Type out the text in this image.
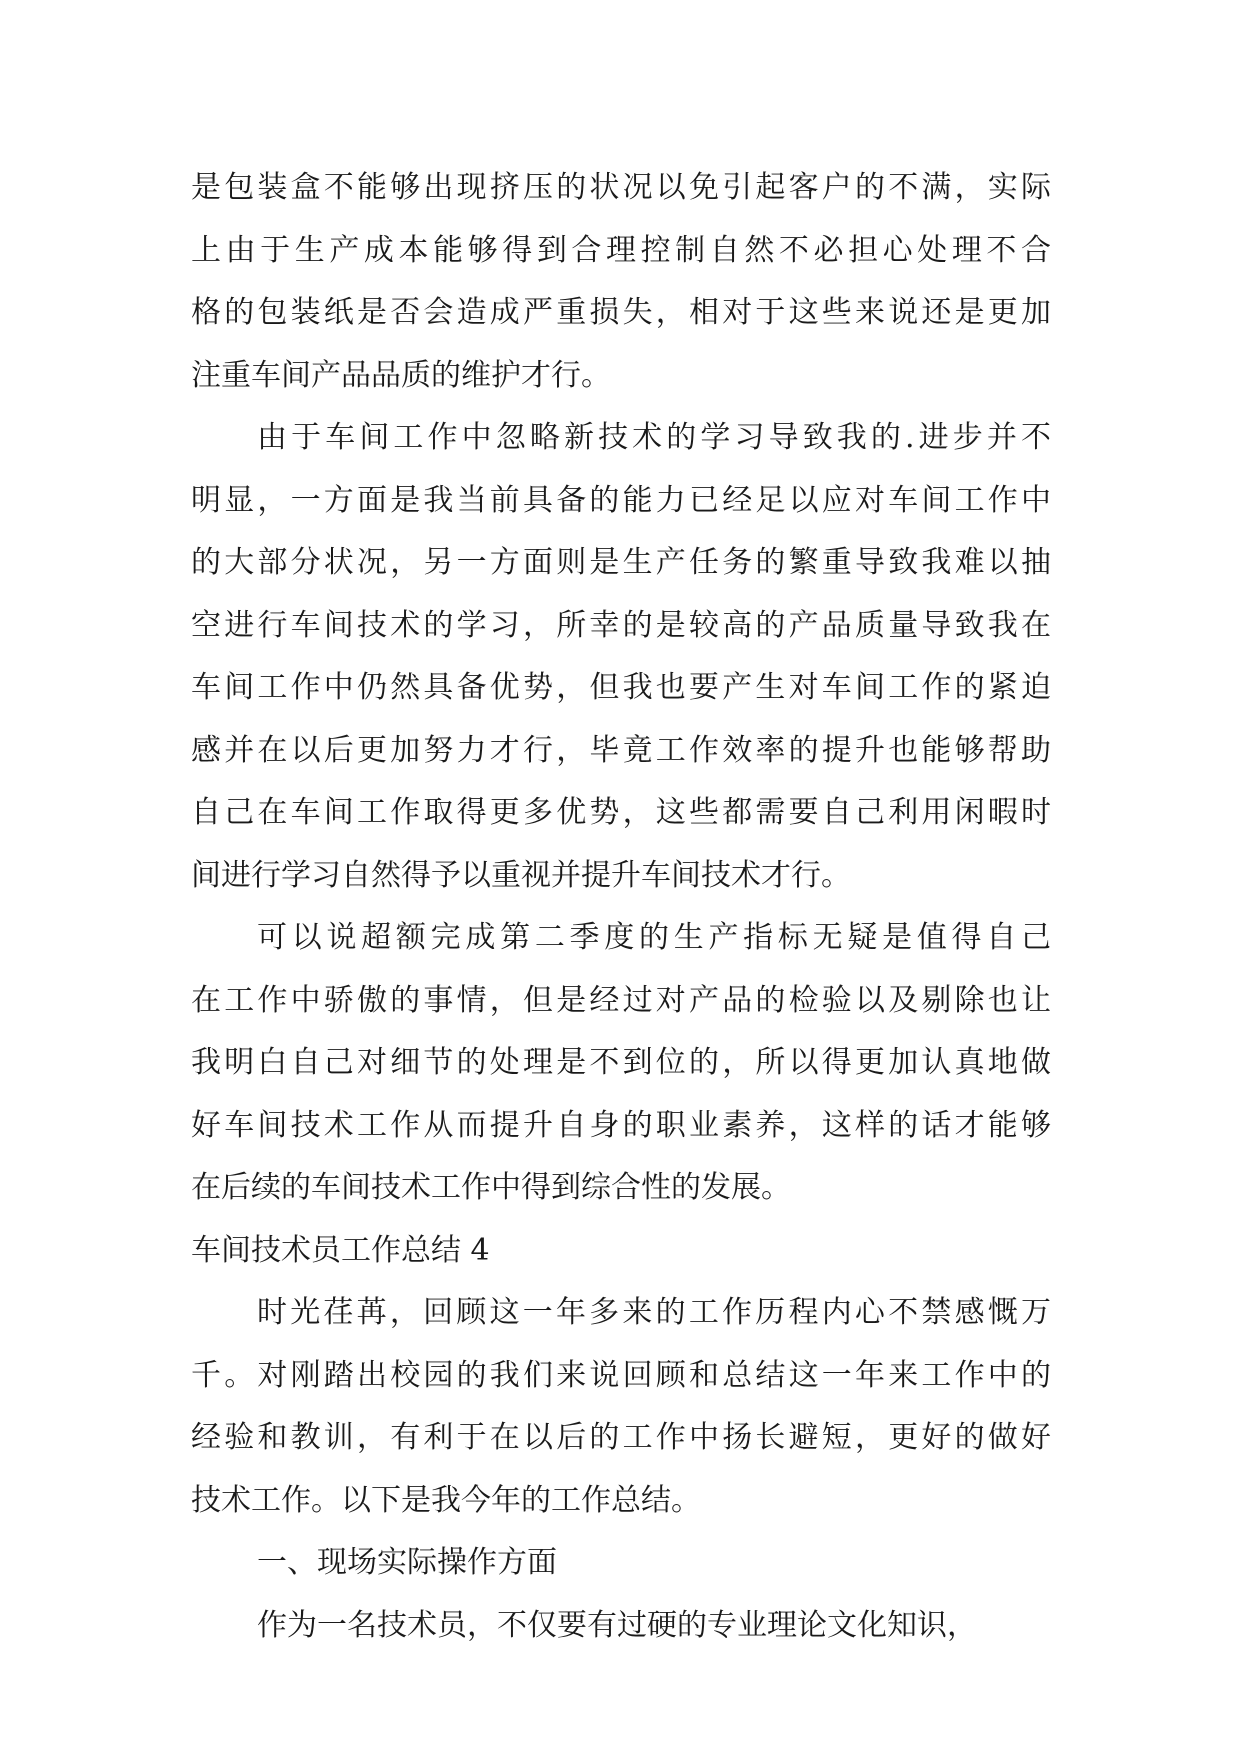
是包装盒不能够出现挤压的状况以免引起客户的不满，实际
上由于生产成本能够得到合理控制自然不必担心处理不合
格的包装纸是否会造成严重损失，相对于这些来说还是更加
注重车间产品品质的维护才行。
由于车间工作中忽略新技术的学习导致我的.进步并不
明显，一方面是我当前具备的能力已经足以应对车间工作中
的大部分状况，另一方面则是生产任务的繁重导致我难以抽
空进行车间技术的学习，所幸的是较高的产品质量导致我在
车间工作中仍然具备优势，但我也要产生对车间工作的紧迫
感并在以后更加努力才行，毕竟工作效率的提升也能够帮助
自己在车间工作取得更多优势，这些都需要自己利用闲暇时
间进行学习自然得予以重视并提升车间技术才行。
可以说超额完成第二季度的生产指标无疑是值得自己
在工作中骄傲的事情，但是经过对产品的检验以及剔除也让
我明白自己对细节的处理是不到位的，所以得更加认真地做
好车间技术工作从而提升自身的职业素养，这样的话才能够
在后续的车间技术工作中得到综合性的发展。
车间技术员工作总结 4
时光荏苒，回顾这一年多来的工作历程内心不禁感慨万
千。对刚踏出校园的我们来说回顾和总结这一年来工作中的
经验和教训，有利于在以后的工作中扬长避短，更好的做好
技术工作。以下是我今年的工作总结。
一、现场实际操作方面
作为一名技术员，不仅要有过硬的专业理论文化知识，
